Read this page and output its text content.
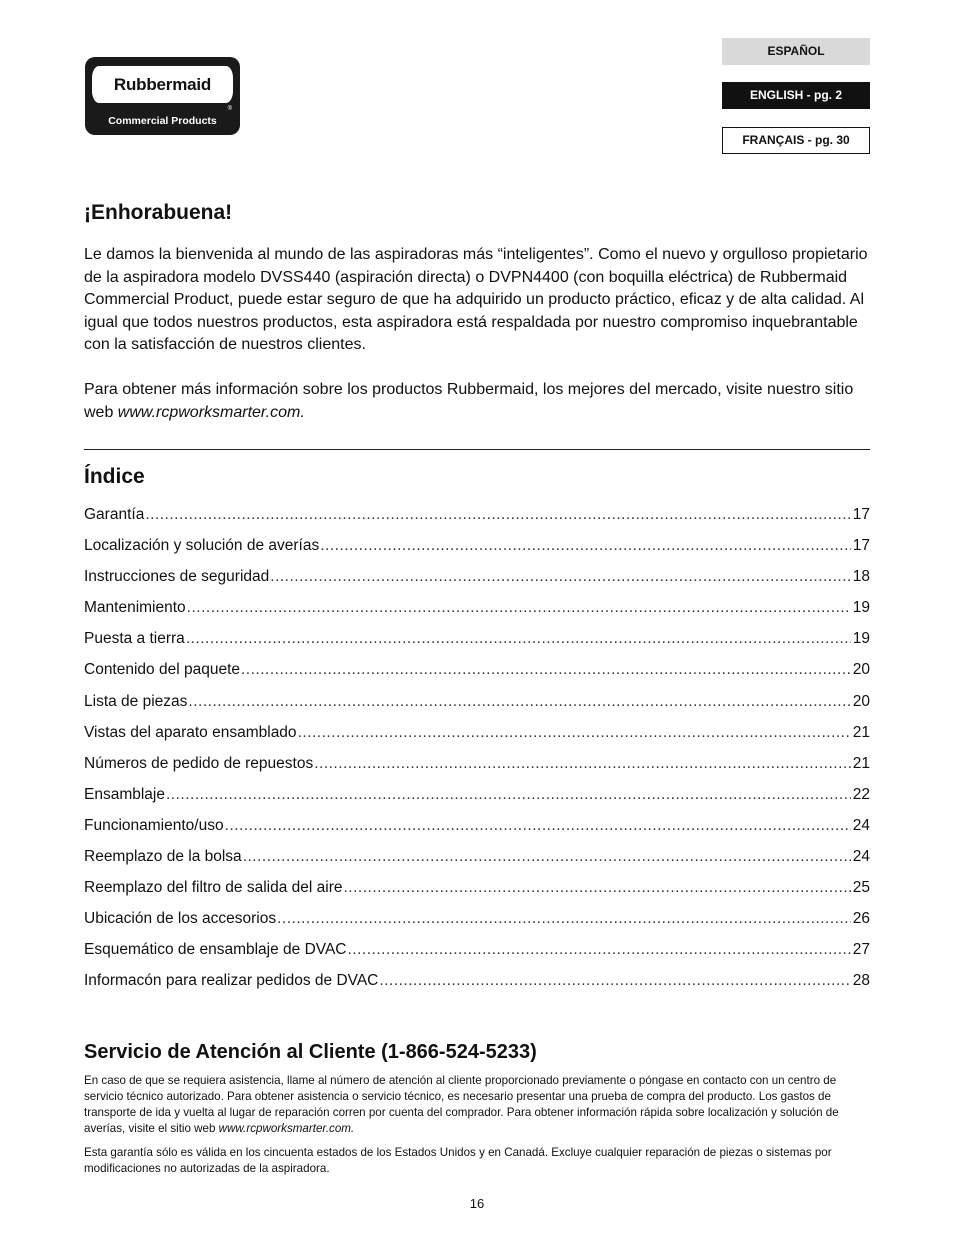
Rubbermaid
®
Commercial Products
ESPAÑOL
ENGLISH - pg. 2
FRANÇAIS - pg. 30
¡Enhorabuena!

Le damos la bienvenida al mundo de las aspiradoras más “inteligentes”. Como el nuevo y orgulloso propietario de la aspiradora modelo DVSS440 (aspiración directa) o DVPN4400 (con boquilla eléctrica) de Rubbermaid Commercial Product, puede estar seguro de que ha adquirido un producto práctico, eficaz y de alta calidad. Al igual que todos nuestros productos, esta aspiradora está respaldada por nuestro compromiso inquebrantable con la satisfacción de nuestros clientes.

Para obtener más información sobre los productos Rubbermaid, los mejores del mercado, visite nuestro sitio web www.rcpworksmarter.com.

Índice
Garantía .....	17
Localización y solución de averías .....	17
Instrucciones de seguridad .....	18
Mantenimiento .....	19
Puesta a tierra .....	19
Contenido del paquete .....	20
Lista de piezas .....	20
Vistas del aparato ensamblado .....	21
Números de pedido de repuestos .....	21
Ensamblaje .....	22
Funcionamiento/uso .....	24
Reemplazo de la bolsa .....	24
Reemplazo del filtro de salida del aire .....	25
Ubicación de los accesorios .....	26
Esquemático de ensamblaje de DVAC .....	27
Informacón para realizar pedidos de DVAC .....	28
Servicio de Atención al Cliente (1-866-524-5233)

En caso de que se requiera asistencia, llame al número de atención al cliente proporcionado previamente o póngase en contacto con un centro de servicio técnico autorizado. Para obtener asistencia o servicio técnico, es necesario presentar una prueba de compra del producto. Los gastos de transporte de ida y vuelta al lugar de reparación corren por cuenta del comprador. Para obtener información rápida sobre localización y solución de averías, visite el sitio web www.rcpworksmarter.com.

Esta garantía sólo es válida en los cincuenta estados de los Estados Unidos y en Canadá. Excluye cualquier reparación de piezas o sistemas por modificaciones no autorizadas de la aspiradora.

16
